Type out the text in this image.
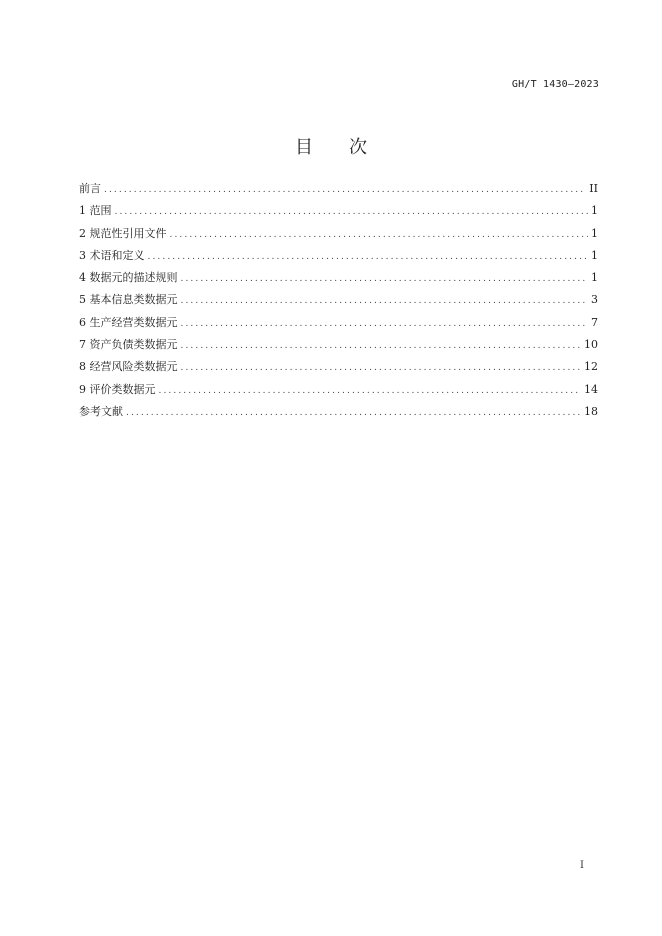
GH/T 1430—2023
目次
前言 .....	II
1 范围 .....	1
2 规范性引用文件 .....	1
3 术语和定义 .....	1
4 数据元的描述规则 .....	1
5 基本信息类数据元 .....	3
6 生产经营类数据元 .....	7
7 资产负债类数据元 .....	10
8 经营风险类数据元 .....	12
9 评价类数据元 .....	14
参考文献 .....	18
I
